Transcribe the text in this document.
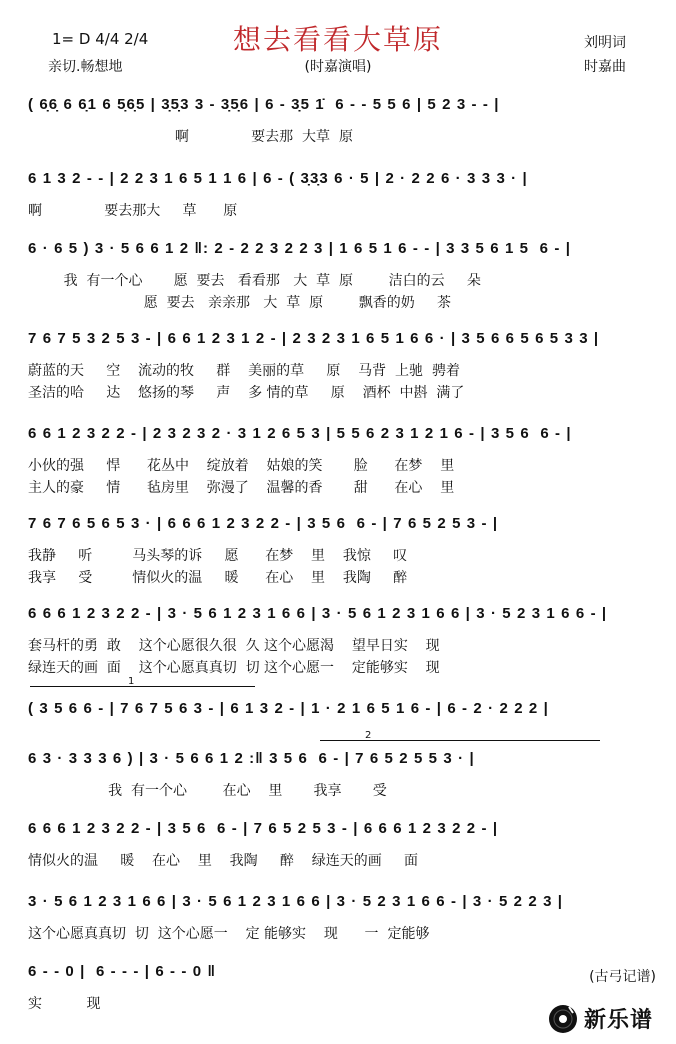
想去看看大草原
1= D 4/4 2/4
亲切.畅想地	(时嘉演唱)
刘明词
时嘉曲
( 6̣6̣ 6 6̣1 6 5̣6̣5 | 3̣5̣3 3 - 3̣5̣6 | 6 - 3̣5 1̇  6 - - 5 5 6 | 5 2 3 - - |
啊              要去那  大草  原
6 1 3 2 - - | 2 2 3 1 6 5 1 1 6 | 6 - ( 3̣3̣3 6 · 5 | 2 · 2 2 6 · 3 3 3 · |
啊              要去那大     草      原
6 · 6 5 ) 3 · 5 6 6 1 2 ‖: 2 - 2 2 3 2 2 3 | 1 6 5 1 6 - - | 3 3 5 6 1 5  6 - |
我  有一个心       愿  要去   看看那   大  草  原        洁白的云     朵
愿  要去   亲亲那   大  草  原        飘香的奶     茶
7 6 7 5 3 2 5 3 - | 6 6 1 2 3 1 2 - | 2 3 2 3 1 6 5 1 6 6 · | 3 5 6 6 5 6 5 3 3 |
蔚蓝的天     空    流动的牧     群    美丽的草     原    马背  上驰  骋着
圣洁的哈     达    悠扬的琴     声    多 情的草     原    酒杯  中斟  满了
6 6 1 2 3 2 2 - | 2 3 2 3 2 · 3 1 2 6 5 3 | 5 5 6 2 3 1 2 1 6 - | 3 5 6  6 - |
小伙的强     悍      花丛中    绽放着    姑娘的笑       脸      在梦    里
主人的豪     情      毡房里    弥漫了    温馨的香       甜      在心    里
7 6 7 6 5 6 5 3 · | 6 6 6 1 2 3 2 2 - | 3 5 6  6 - | 7 6 5 2 5 3 - |
我静     听         马头琴的诉     愿      在梦    里    我惊     叹
我享     受         情似火的温     暖      在心    里    我陶     醉
6 6 6 1 2 3 2 2 - | 3 · 5 6 1 2 3 1 6 6 | 3 · 5 6 1 2 3 1 6 6 | 3 · 5 2 3 1 6 6 - |
套马杆的勇  敢    这个心愿很久很  久 这个心愿渴    望早日实    现
绿连天的画  面    这个心愿真真切  切 这个心愿一    定能够实    现
( 3 5 6 6 - | 7 6 7 5 6 3 - | 6 1 3 2 - | 1 · 2 1 6 5 1 6 - | 6 - 2 · 2 2 2 |
6 3 · 3 3 3 6 ) | 3 · 5 6 6 1 2 :‖ 3 5 6  6 - | 7 6 5 2 5 5 3 · |
我  有一个心        在心    里       我享       受
6 6 6 1 2 3 2 2 - | 3 5 6  6 - | 7 6 5 2 5 3 - | 6 6 6 1 2 3 2 2 - |
情似火的温     暖    在心    里    我陶     醉    绿连天的画     面
3 · 5 6 1 2 3 1 6 6 | 3 · 5 6 1 2 3 1 6 6 | 3 · 5 2 3 1 6 6 - | 3 · 5 2 2 3 |
这个心愿真真切  切  这个心愿一    定 能够实    现      一  定能够
6 - - 0 |  6 - - - | 6 - - 0 ‖
实          现
1
2
(古弓记谱)
新乐谱
